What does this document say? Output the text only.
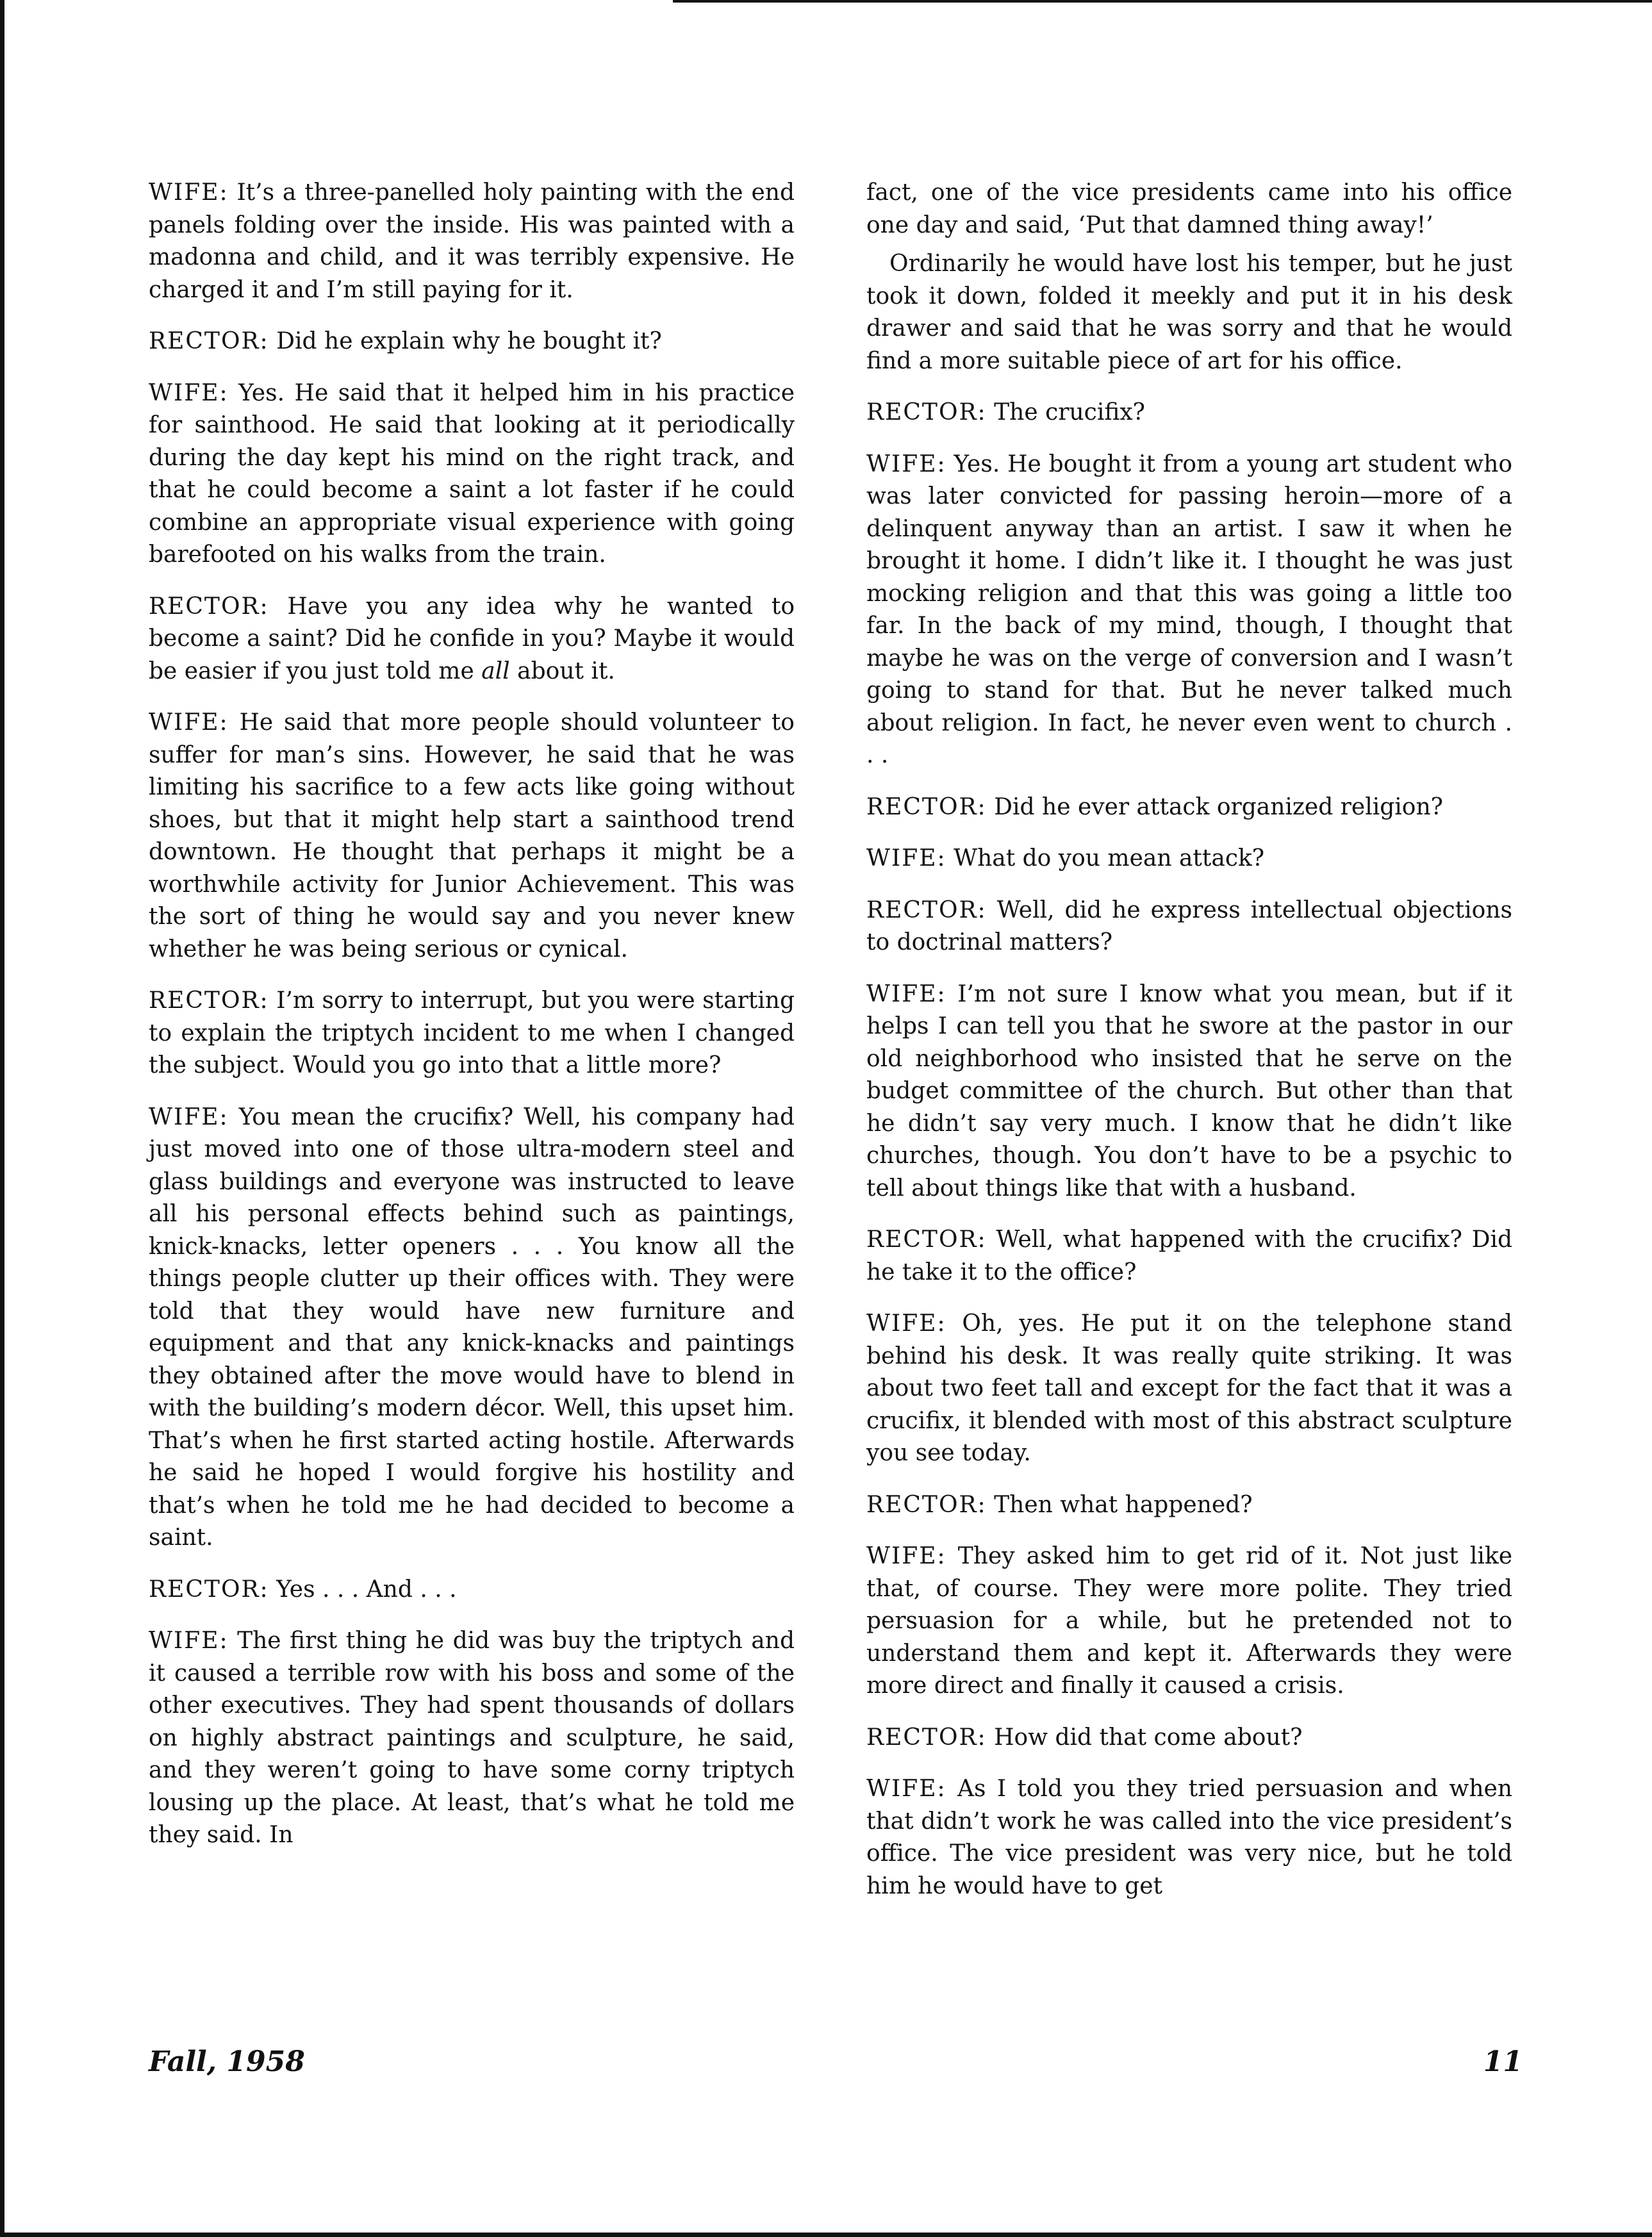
WIFE: It’s a three-panelled holy painting with the end panels folding over the inside. His was painted with a madonna and child, and it was terribly expensive. He charged it and I’m still paying for it.

RECTOR: Did he explain why he bought it?

WIFE: Yes. He said that it helped him in his practice for sainthood. He said that looking at it periodically during the day kept his mind on the right track, and that he could become a saint a lot faster if he could combine an appropriate visual experience with going barefooted on his walks from the train.

RECTOR: Have you any idea why he wanted to become a saint? Did he confide in you? Maybe it would be easier if you just told me all about it.

WIFE: He said that more people should volunteer to suffer for man’s sins. However, he said that he was limiting his sacrifice to a few acts like going without shoes, but that it might help start a sainthood trend downtown. He thought that perhaps it might be a worthwhile activity for Junior Achievement. This was the sort of thing he would say and you never knew whether he was being serious or cynical.

RECTOR: I’m sorry to interrupt, but you were starting to explain the triptych incident to me when I changed the subject. Would you go into that a little more?

WIFE: You mean the crucifix? Well, his company had just moved into one of those ultra-modern steel and glass buildings and everyone was instructed to leave all his personal effects behind such as paintings, knick-knacks, letter openers . . . You know all the things people clutter up their offices with. They were told that they would have new furniture and equipment and that any knick-knacks and paintings they obtained after the move would have to blend in with the building’s modern décor. Well, this upset him. That’s when he first started acting hostile. Afterwards he said he hoped I would forgive his hostility and that’s when he told me he had decided to become a saint.

RECTOR: Yes . . . And . . .

WIFE: The first thing he did was buy the triptych and it caused a terrible row with his boss and some of the other executives. They had spent thousands of dollars on highly abstract paintings and sculpture, he said, and they weren’t going to have some corny triptych lousing up the place. At least, that’s what he told me they said. In

fact, one of the vice presidents came into his office one day and said, ‘Put that damned thing away!’

Ordinarily he would have lost his temper, but he just took it down, folded it meekly and put it in his desk drawer and said that he was sorry and that he would find a more suitable piece of art for his office.

RECTOR: The crucifix?

WIFE: Yes. He bought it from a young art student who was later convicted for passing heroin—more of a delinquent anyway than an artist. I saw it when he brought it home. I didn’t like it. I thought he was just mocking religion and that this was going a little too far. In the back of my mind, though, I thought that maybe he was on the verge of conversion and I wasn’t going to stand for that. But he never talked much about religion. In fact, he never even went to church . . .

RECTOR: Did he ever attack organized religion?

WIFE: What do you mean attack?

RECTOR: Well, did he express intellectual objections to doctrinal matters?

WIFE: I’m not sure I know what you mean, but if it helps I can tell you that he swore at the pastor in our old neighborhood who insisted that he serve on the budget committee of the church. But other than that he didn’t say very much. I know that he didn’t like churches, though. You don’t have to be a psychic to tell about things like that with a husband.

RECTOR: Well, what happened with the crucifix? Did he take it to the office?

WIFE: Oh, yes. He put it on the telephone stand behind his desk. It was really quite striking. It was about two feet tall and except for the fact that it was a crucifix, it blended with most of this abstract sculpture you see today.

RECTOR: Then what happened?

WIFE: They asked him to get rid of it. Not just like that, of course. They were more polite. They tried persuasion for a while, but he pretended not to understand them and kept it. Afterwards they were more direct and finally it caused a crisis.

RECTOR: How did that come about?

WIFE: As I told you they tried persuasion and when that didn’t work he was called into the vice president’s office. The vice president was very nice, but he told him he would have to get

Fall, 1958	11
